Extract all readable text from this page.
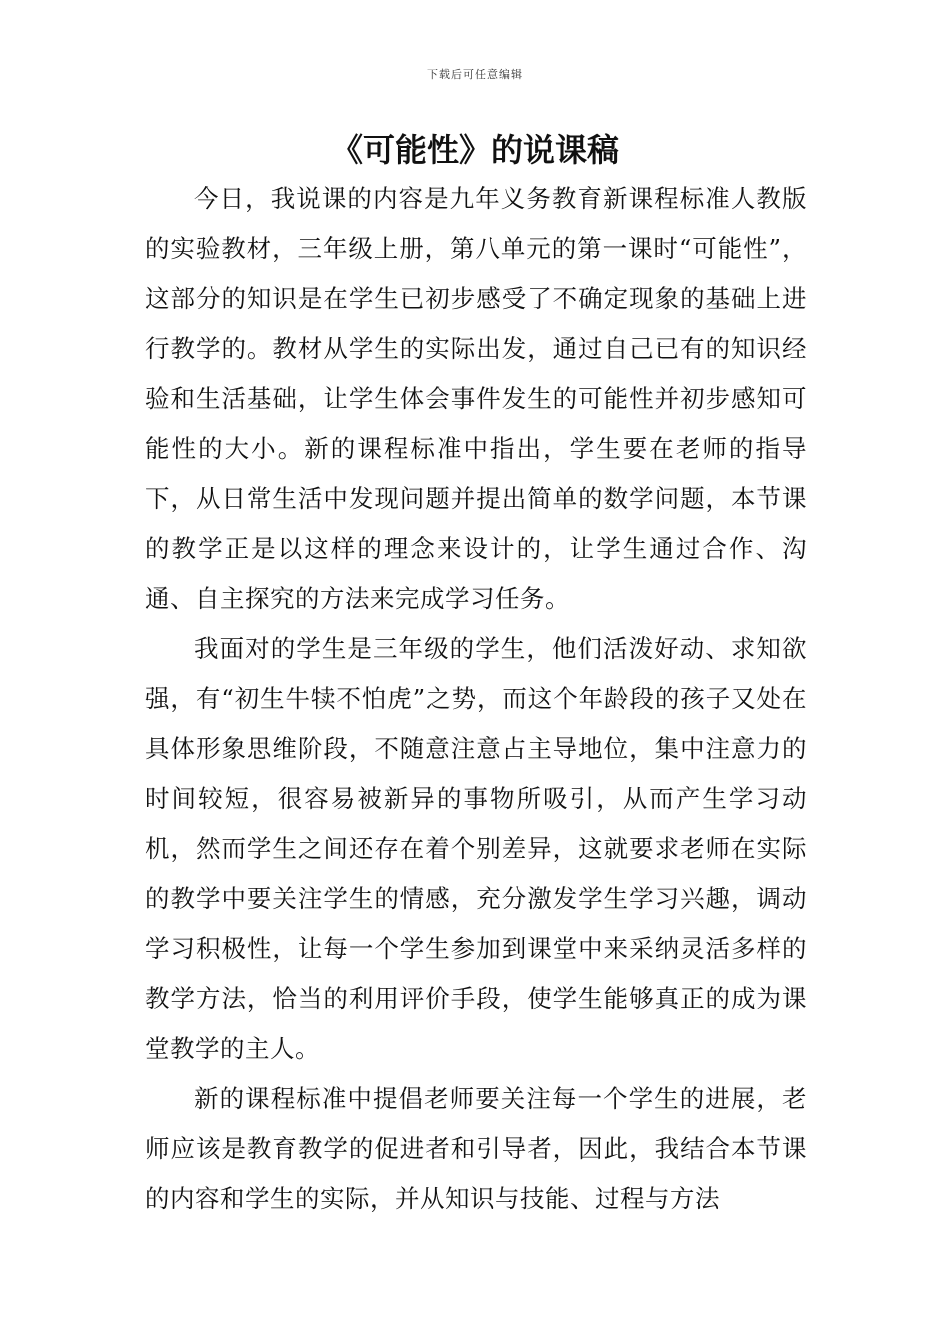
下载后可任意编辑
《可能性》的说课稿

今日，我说课的内容是九年义务教育新课程标准人教版的实验教材，三年级上册，第八单元的第一课时“可能性”，这部分的知识是在学生已初步感受了不确定现象的基础上进行教学的。教材从学生的实际出发，通过自己已有的知识经验和生活基础，让学生体会事件发生的可能性并初步感知可能性的大小。新的课程标准中指出，学生要在老师的指导下，从日常生活中发现问题并提出简单的数学问题，本节课的教学正是以这样的理念来设计的，让学生通过合作、沟通、自主探究的方法来完成学习任务。

我面对的学生是三年级的学生，他们活泼好动、求知欲强，有“初生牛犊不怕虎”之势，而这个年龄段的孩子又处在具体形象思维阶段，不随意注意占主导地位，集中注意力的时间较短，很容易被新异的事物所吸引，从而产生学习动机，然而学生之间还存在着个别差异，这就要求老师在实际的教学中要关注学生的情感，充分激发学生学习兴趣，调动学习积极性，让每一个学生参加到课堂中来采纳灵活多样的教学方法，恰当的利用评价手段，使学生能够真正的成为课堂教学的主人。

新的课程标准中提倡老师要关注每一个学生的进展，老师应该是教育教学的促进者和引导者，因此，我结合本节课的内容和学生的实际，并从知识与技能、过程与方法
